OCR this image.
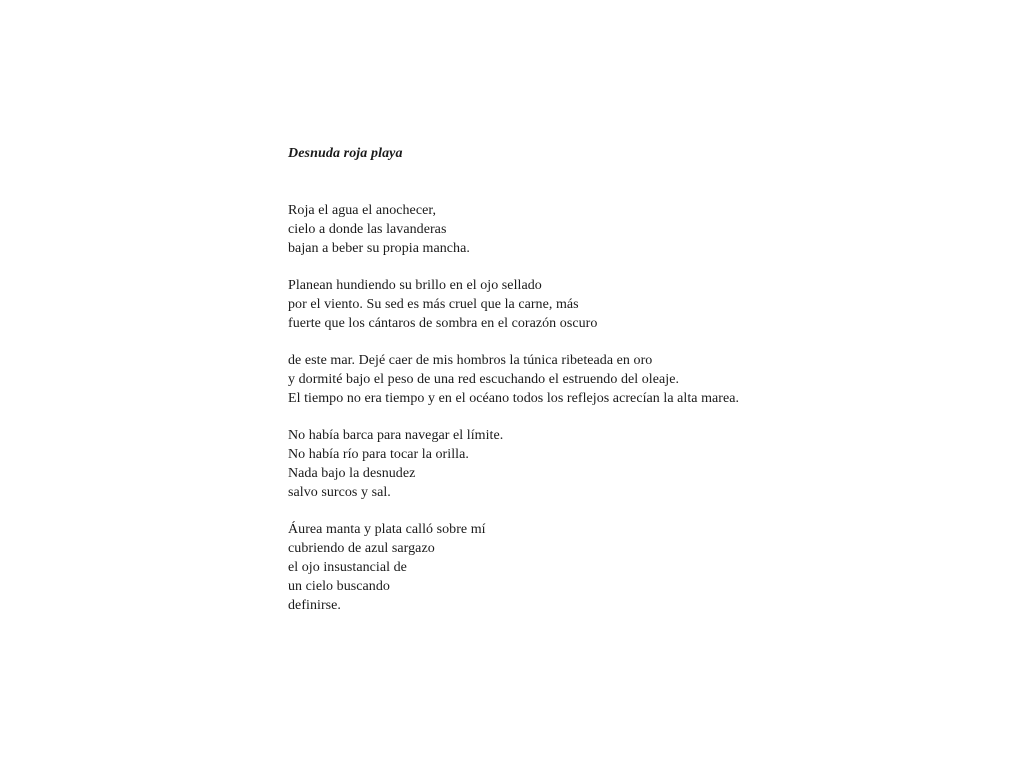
Desnuda roja playa
Roja el agua el anochecer,
cielo a donde las lavanderas
bajan a beber su propia mancha.
Planean hundiendo su brillo en el ojo sellado
por el viento. Su sed es más cruel que la carne, más
fuerte que los cántaros de sombra en el corazón oscuro
de este mar. Dejé caer de mis hombros la túnica ribeteada en oro
y dormité bajo el peso de una red escuchando el estruendo del oleaje.
El tiempo no era tiempo y en el océano todos los reflejos acrecían la alta marea.
No había barca para navegar el límite.
No había río para tocar la orilla.
Nada bajo la desnudez
salvo surcos y sal.
Áurea manta y plata calló sobre mí
cubriendo de azul sargazo
el ojo insustancial de
un cielo buscando
definirse.
